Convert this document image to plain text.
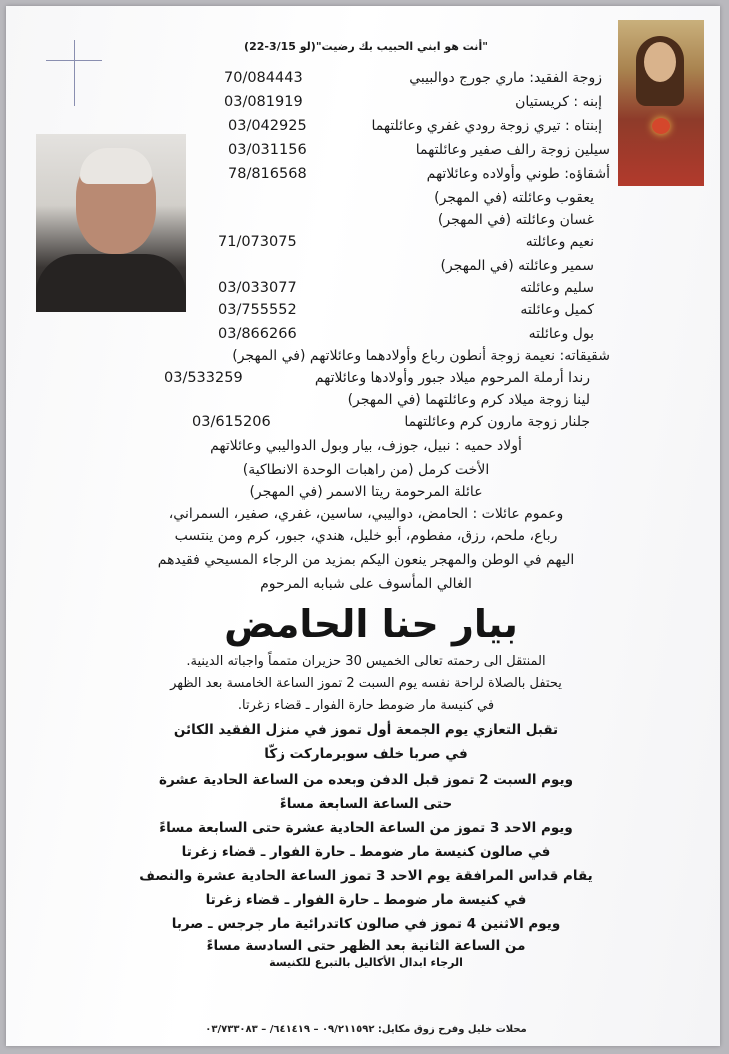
"أنت هو ابني الحبيب بك رضيت"(لو 3/15-22)
زوجة الفقيد: ماري جورج دوالبيبي
70/084443
إبنه : كريستيان
03/081919
إبنتاه : تيري زوجة رودي غفري وعائلتهما
03/042925
سيلين زوجة رالف صفير وعائلتهما
03/031156
أشقاؤه: طوني وأولاده وعائلاتهم
78/816568
يعقوب وعائلته (في المهجر)
غسان وعائلته (في المهجر)
نعيم وعائلته
71/073075
سمير وعائلته (في المهجر)
سليم وعائلته
03/033077
كميل وعائلته
03/755552
بول وعائلته
03/866266
شقيقاته: نعيمة زوجة أنطون رباع وأولادهما وعائلاتهم (في المهجر)
رندا أرملة المرحوم ميلاد جبور وأولادها وعائلاتهم
03/533259
لينا زوجة ميلاد كرم وعائلتهما (في المهجر)
جلنار زوجة مارون كرم وعائلتهما
03/615206
أولاد حميه : نبيل، جوزف، بيار وبول الدواليبي وعائلاتهم
الأخت كرمل (من راهبات الوحدة الانطاكية)
عائلة المرحومة ريتا الاسمر (في المهجر)
وعموم عائلات : الحامض، دواليبي، ساسين، غفري، صفير، السمراني،
رباع، ملحم، رزق، مفطوم، أبو خليل، هندي، جبور، كرم ومن ينتسب
اليهم في الوطن والمهجر ينعون اليكم بمزيد من الرجاء المسيحي فقيدهم
الغالي المأسوف على شبابه المرحوم
بيار حنا الحامض
المنتقل الى رحمته تعالى الخميس 30 حزيران متمماً واجباته الدينية.
يحتفل بالصلاة لراحة نفسه يوم السبت 2 تموز الساعة الخامسة بعد الظهر
في كنيسة مار ضومط حارة الفوار ـ قضاء زغرتا.
تقبل التعازي يوم الجمعة أول تموز في منزل الفقيد الكائن
في صربا خلف سوبرماركت زكّا
ويوم السبت 2 تموز قبل الدفن وبعده من الساعة الحادية عشرة
حتى الساعة السابعة مساءً
ويوم الاحد 3 تموز من الساعة الحادية عشرة حتى السابعة مساءً
في صالون كنيسة مار ضومط ـ حارة الفوار ـ قضاء زغرتا
يقام قداس المرافقة يوم الاحد 3 تموز الساعة الحادية عشرة والنصف
في كنيسة مار ضومط ـ حارة الفوار ـ قضاء زغرتا
ويوم الاثنين 4 تموز في صالون كاتدرائية مار جرجس ـ صربا
من الساعة الثانية بعد الظهر حتى السادسة مساءً
الرجاء ابدال الأكاليل بالتبرع للكنيسة
محلات خليل وفرح زوق مكايل: ٠٩/٢١١٥٩٢ – ٦٤١٤١٩/ – ٠٣/٧٣٣٠٨٣
